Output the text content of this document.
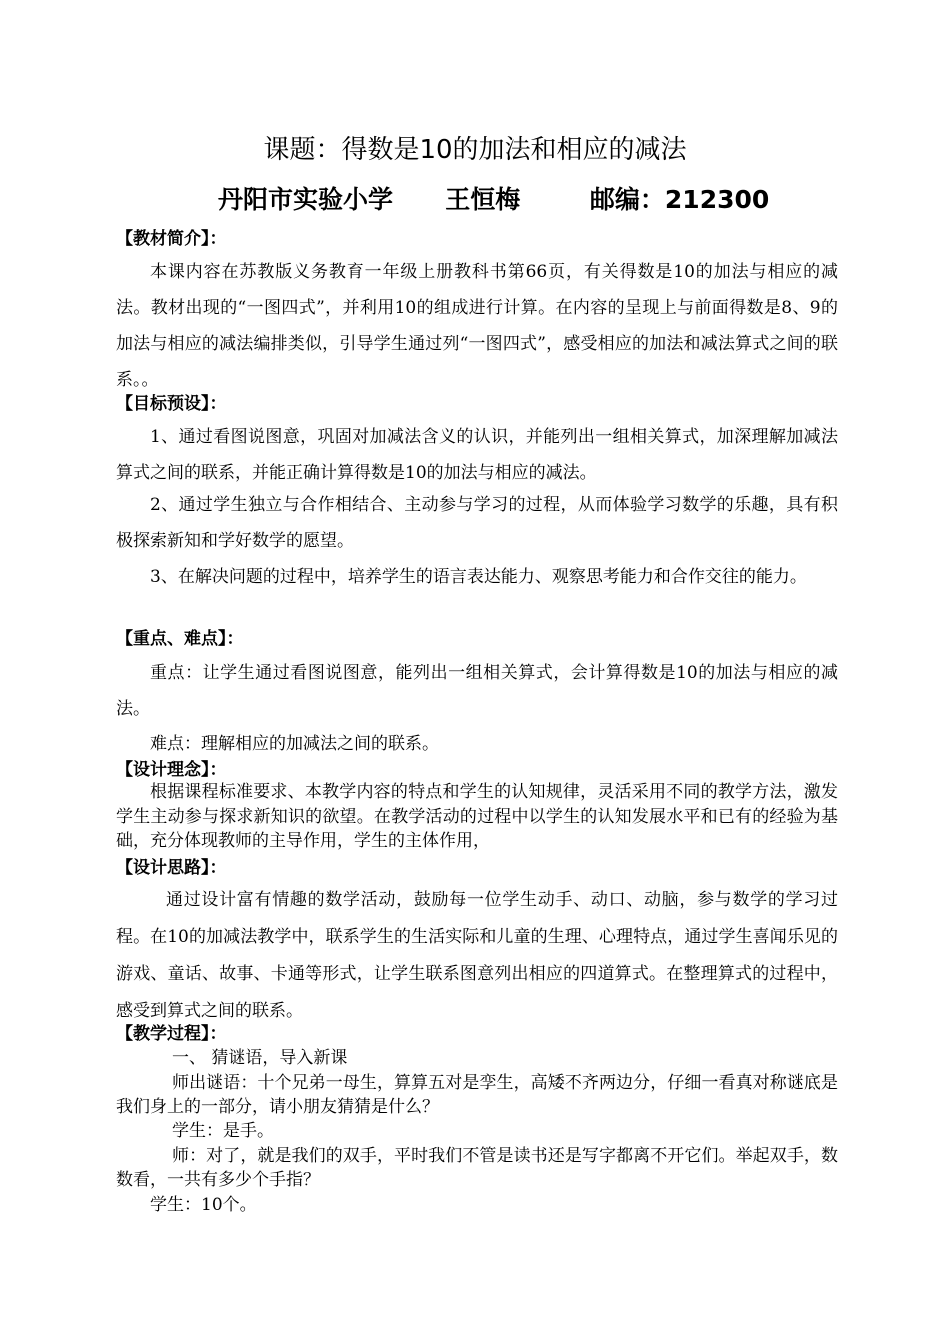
课题：得数是10的加法和相应的减法
丹阳市实验小学 王恒梅	邮编：212300
【教材简介】：
本课内容在苏教版义务教育一年级上册教科书第66页，有关得数是10的加法与相应的减法。教材出现的“一图四式”，并利用10的组成进行计算。在内容的呈现上与前面得数是8、9的加法与相应的减法编排类似，引导学生通过列“一图四式”，感受相应的加法和减法算式之间的联系。。
【目标预设】：
1、通过看图说图意，巩固对加减法含义的认识，并能列出一组相关算式，加深理解加减法算式之间的联系，并能正确计算得数是10的加法与相应的减法。
2、通过学生独立与合作相结合、主动参与学习的过程，从而体验学习数学的乐趣，具有积极探索新知和学好数学的愿望。
3、在解决问题的过程中，培养学生的语言表达能力、观察思考能力和合作交往的能力。
【重点、难点】：
重点：让学生通过看图说图意，能列出一组相关算式，会计算得数是10的加法与相应的减法。
难点：理解相应的加减法之间的联系。
【设计理念】：
根据课程标准要求、本教学内容的特点和学生的认知规律，灵活采用不同的教学方法，激发学生主动参与探求新知识的欲望。在教学活动的过程中以学生的认知发展水平和已有的经验为基础，充分体现教师的主导作用，学生的主体作用，
【设计思路】：
通过设计富有情趣的数学活动，鼓励每一位学生动手、动口、动脑，参与数学的学习过程。在10的加减法教学中，联系学生的生活实际和儿童的生理、心理特点，通过学生喜闻乐见的游戏、童话、故事、卡通等形式，让学生联系图意列出相应的四道算式。在整理算式的过程中，感受到算式之间的联系。
【教学过程】：
一、 猜谜语，导入新课
师出谜语：十个兄弟一母生，算算五对是孪生，高矮不齐两边分，仔细一看真对称谜底是我们身上的一部分，请小朋友猜猜是什么？
学生：是手。
师：对了，就是我们的双手，平时我们不管是读书还是写字都离不开它们。举起双手，数数看，一共有多少个手指？
学生：10个。
